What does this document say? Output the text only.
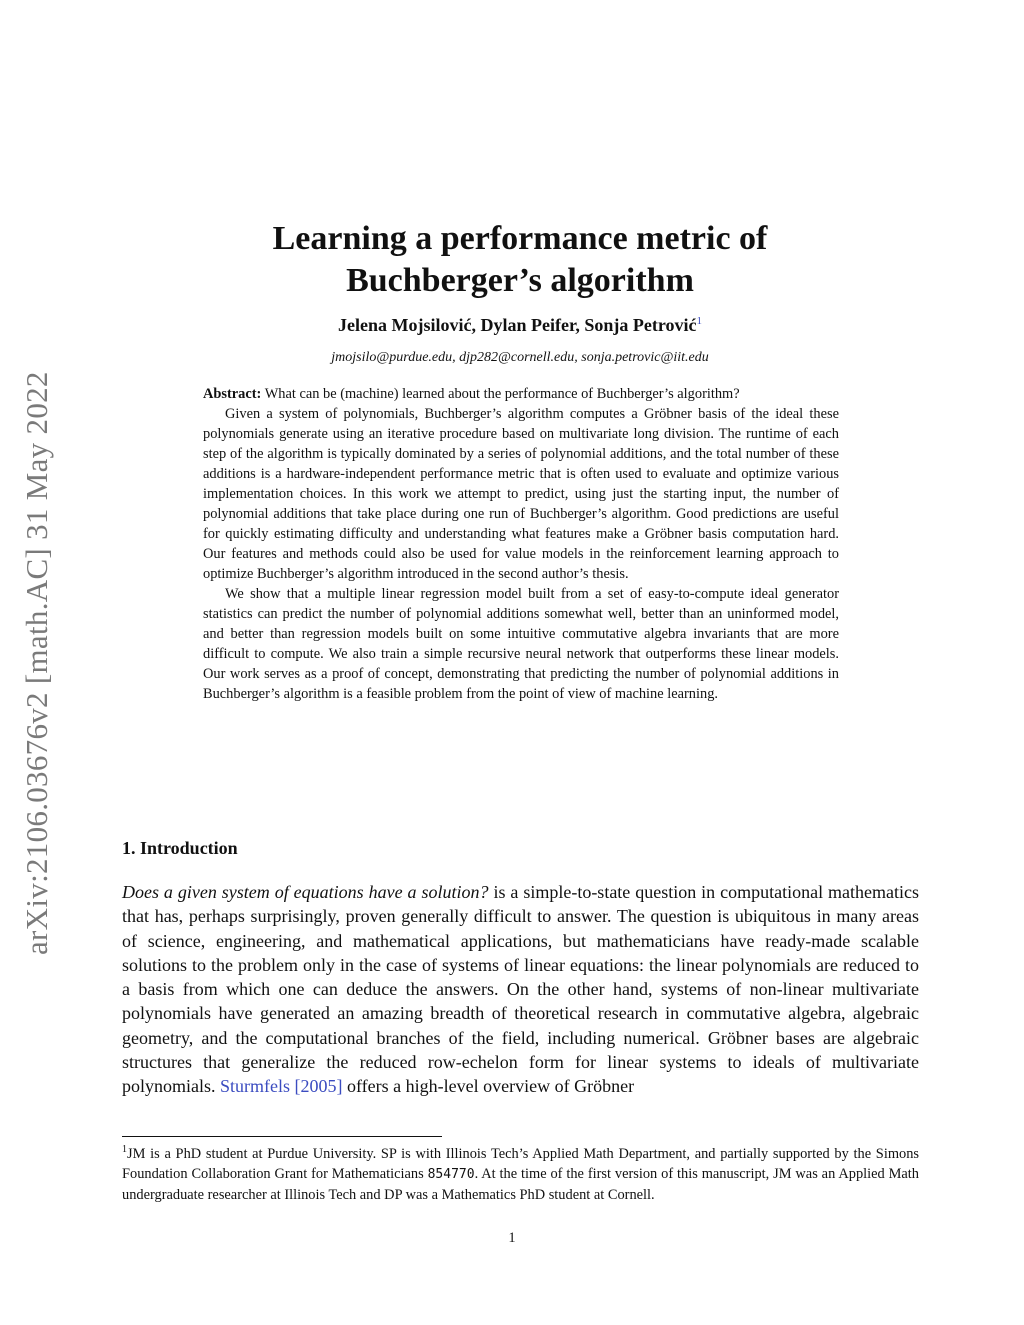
arXiv:2106.03676v2 [math.AC] 31 May 2022
Learning a performance metric of
Buchberger’s algorithm
Jelena Mojsilović, Dylan Peifer, Sonja Petrović$^1$
jmojsilo@purdue.edu, djp282@cornell.edu, sonja.petrovic@iit.edu

Abstract: What can be (machine) learned about the performance of Buchberger’s algorithm?

Given a system of polynomials, Buchberger’s algorithm computes a Gröbner basis of the ideal these polynomials generate using an iterative procedure based on multivariate long division. The runtime of each step of the algorithm is typically dominated by a series of polynomial additions, and the total number of these additions is a hardware-independent performance metric that is often used to evaluate and optimize various implementation choices. In this work we attempt to predict, using just the starting input, the number of polynomial additions that take place during one run of Buchberger’s algorithm. Good predictions are useful for quickly estimating difficulty and understanding what features make a Gröbner basis computation hard. Our features and methods could also be used for value models in the reinforcement learning approach to optimize Buchberger’s algorithm introduced in the second author’s thesis.

We show that a multiple linear regression model built from a set of easy-to-compute ideal generator statistics can predict the number of polynomial additions somewhat well, better than an uninformed model, and better than regression models built on some intuitive commutative algebra invariants that are more difficult to compute. We also train a simple recursive neural network that outperforms these linear models. Our work serves as a proof of concept, demonstrating that predicting the number of polynomial additions in Buchberger’s algorithm is a feasible problem from the point of view of machine learning.

1. Introduction

Does a given system of equations have a solution? is a simple-to-state question in computational mathematics that has, perhaps surprisingly, proven generally difficult to answer. The question is ubiquitous in many areas of science, engineering, and mathematical applications, but mathematicians have ready-made scalable solutions to the problem only in the case of systems of linear equations: the linear polynomials are reduced to a basis from which one can deduce the answers. On the other hand, systems of non-linear multivariate polynomials have generated an amazing breadth of theoretical research in commutative algebra, algebraic geometry, and the computational branches of the field, including numerical. Gröbner bases are algebraic structures that generalize the reduced row-echelon form for linear systems to ideals of multivariate polynomials. Sturmfels [2005] offers a high-level overview of Gröbner

$^1$JM is a PhD student at Purdue University. SP is with Illinois Tech’s Applied Math Department, and partially supported by the Simons Foundation Collaboration Grant for Mathematicians 854770. At the time of the first version of this manuscript, JM was an Applied Math undergraduate researcher at Illinois Tech and DP was a Mathematics PhD student at Cornell.

1
